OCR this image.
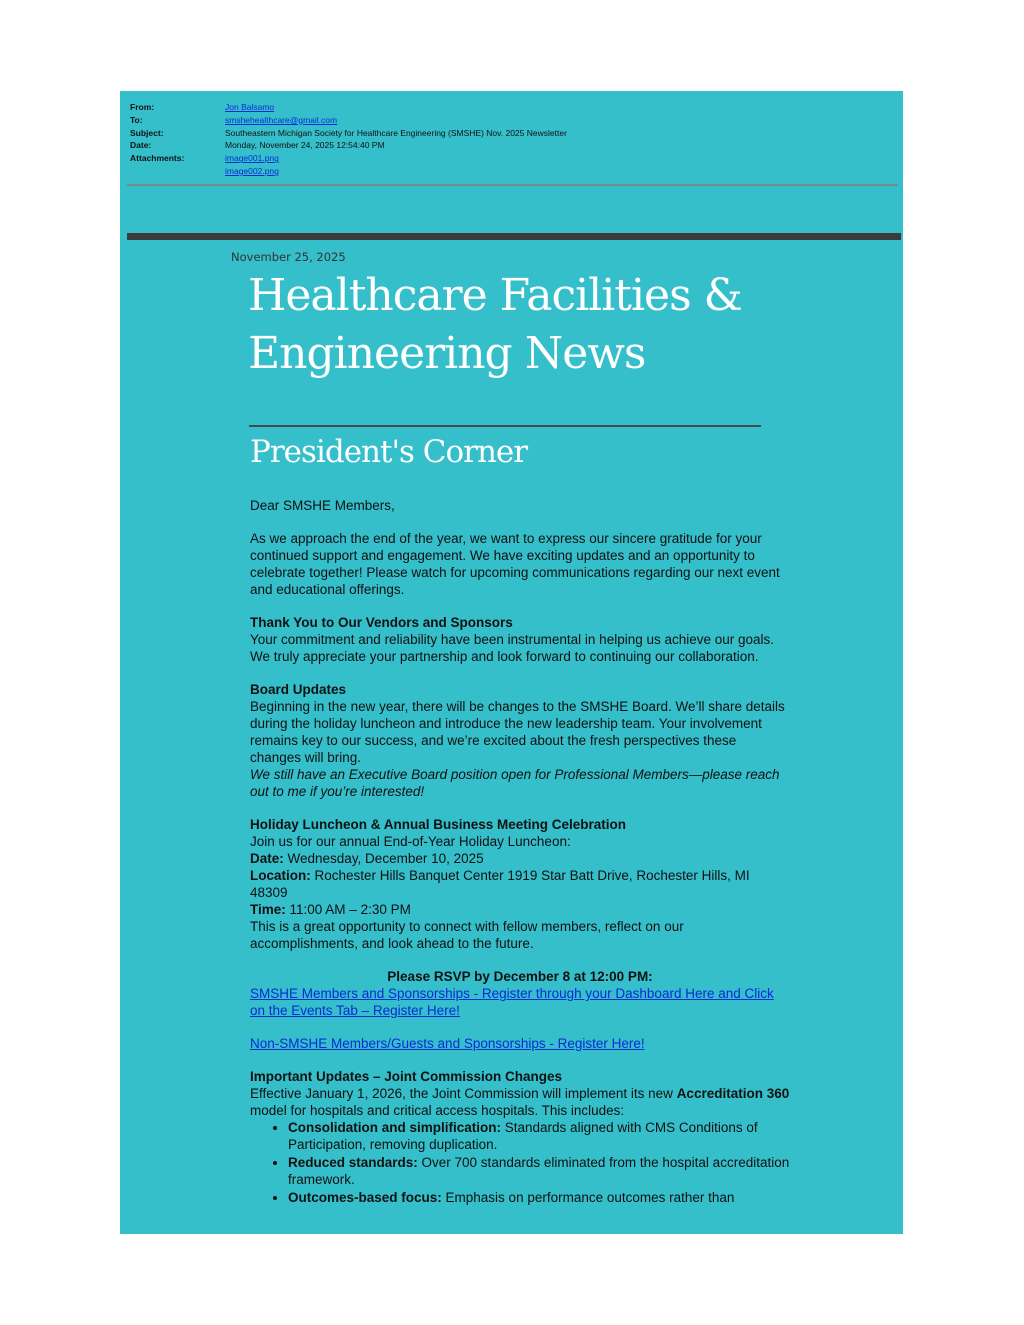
From:	Jon Balsamo
To:	smshehealthcare@gmail.com
Subject:	Southeastern Michigan Society for Healthcare Engineering (SMSHE) Nov. 2025 Newsletter
Date:	Monday, November 24, 2025 12:54:40 PM
Attachments:	image001.png
image002.png
November 25, 2025
Healthcare Facilities &
Engineering News
President's Corner

Dear SMSHE Members,

As we approach the end of the year, we want to express our sincere gratitude for your continued support and engagement. We have exciting updates and an opportunity to celebrate together! Please watch for upcoming communications regarding our next event and educational offerings.

Thank You to Our Vendors and Sponsors
Your commitment and reliability have been instrumental in helping us achieve our goals. We truly appreciate your partnership and look forward to continuing our collaboration.

Board Updates
Beginning in the new year, there will be changes to the SMSHE Board. We’ll share details during the holiday luncheon and introduce the new leadership team. Your involvement remains key to our success, and we’re excited about the fresh perspectives these changes will bring.
We still have an Executive Board position open for Professional Members—please reach out to me if you’re interested!

Holiday Luncheon & Annual Business Meeting Celebration
Join us for our annual End-of-Year Holiday Luncheon:
Date: Wednesday, December 10, 2025
Location: Rochester Hills Banquet Center 1919 Star Batt Drive, Rochester Hills, MI 48309
Time: 11:00 AM – 2:30 PM
This is a great opportunity to connect with fellow members, reflect on our accomplishments, and look ahead to the future.

Please RSVP by December 8 at 12:00 PM:
SMSHE Members and Sponsorships - Register through your Dashboard Here and Click on the Events Tab – Register Here!

Non-SMSHE Members/Guests and Sponsorships - Register Here!

Important Updates – Joint Commission Changes
Effective January 1, 2026, the Joint Commission will implement its new Accreditation 360 model for hospitals and critical access hospitals. This includes:

• Consolidation and simplification: Standards aligned with CMS Conditions of Participation, removing duplication.
• Reduced standards: Over 700 standards eliminated from the hospital accreditation framework.
• Outcomes-based focus: Emphasis on performance outcomes rather than
